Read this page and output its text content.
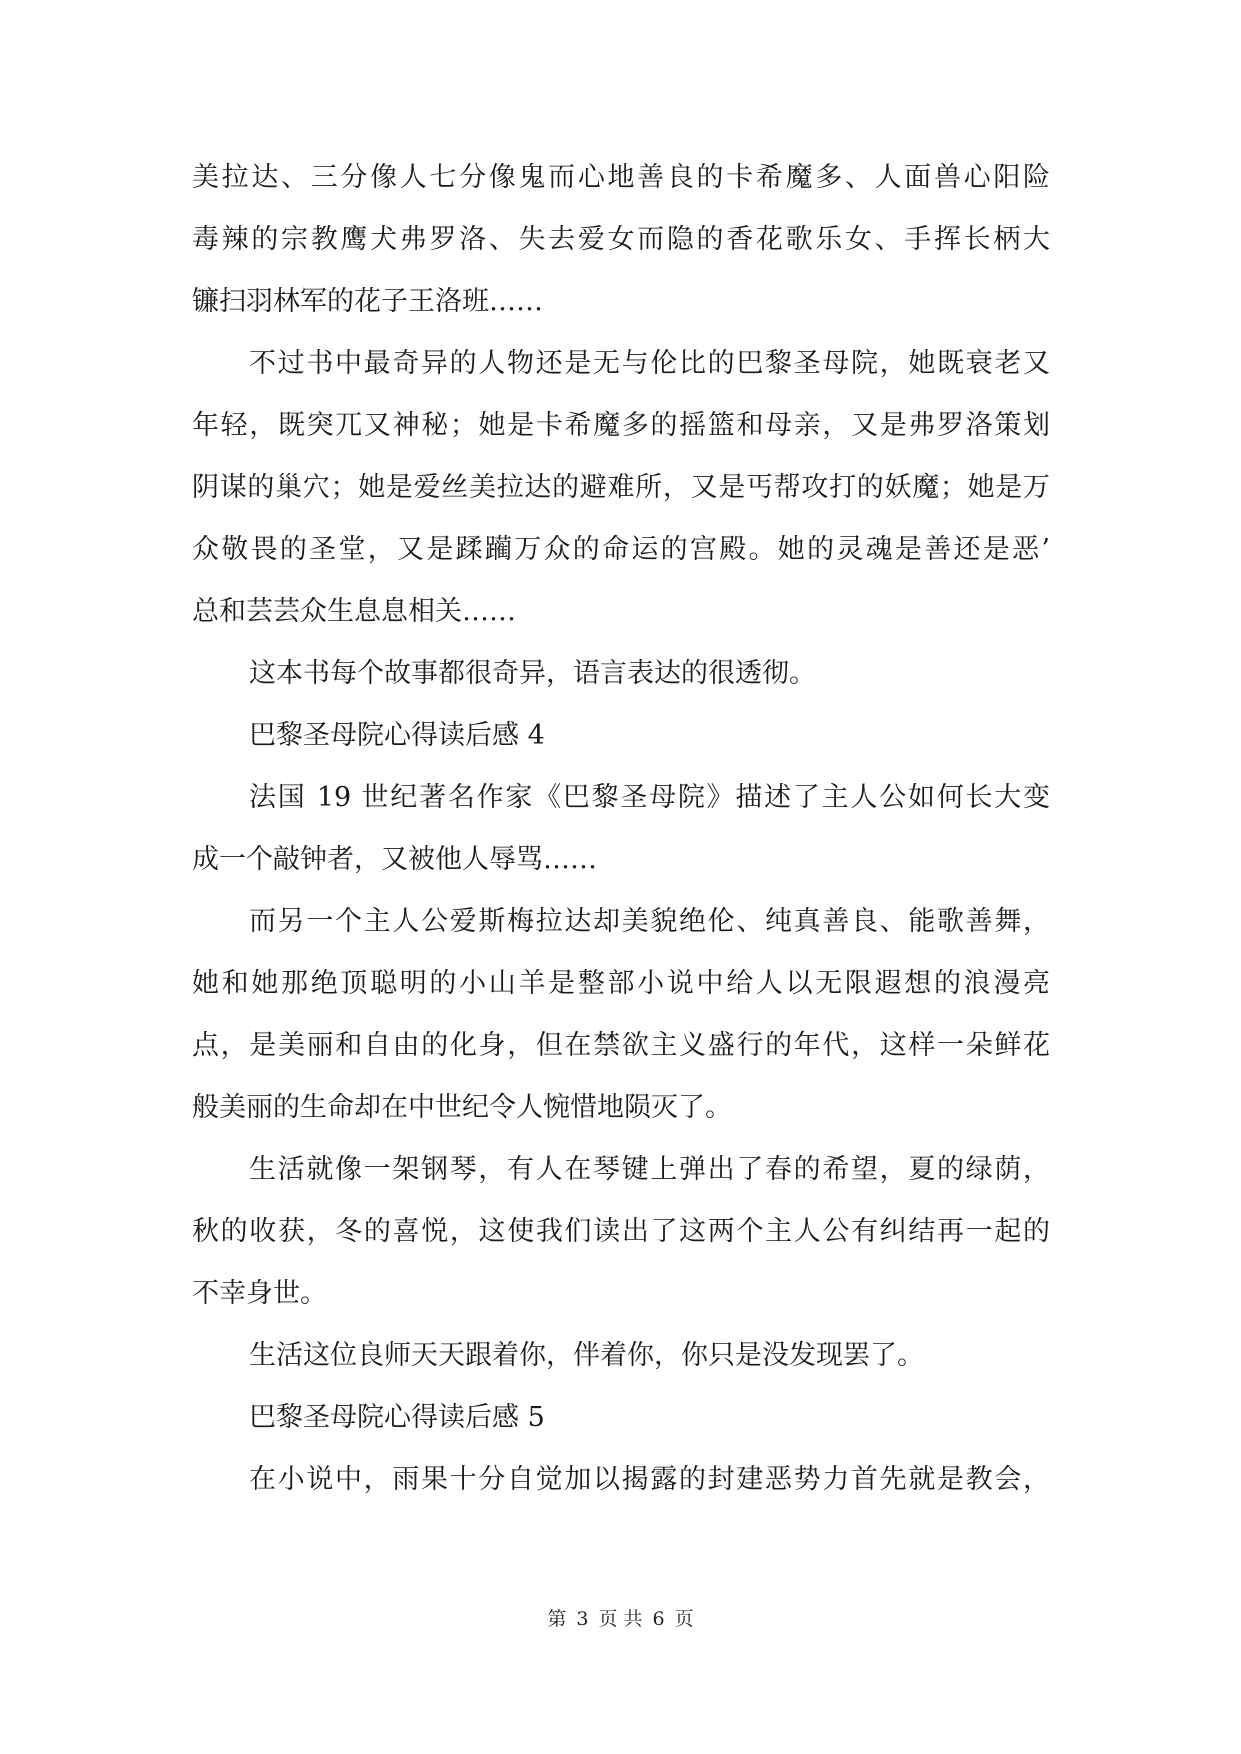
美拉达、三分像人七分像鬼而心地善良的卡希魔多、人面兽心阳险
毒辣的宗教鹰犬弗罗洛、失去爱女而隐的香花歌乐女、手挥长柄大
镰扫羽林军的花子王洛班……
不过书中最奇异的人物还是无与伦比的巴黎圣母院，她既衰老又
年轻，既突兀又神秘；她是卡希魔多的摇篮和母亲，又是弗罗洛策划
阴谋的巢穴；她是爱丝美拉达的避难所，又是丐帮攻打的妖魔；她是万
众敬畏的圣堂，又是蹂躏万众的命运的宫殿。她的灵魂是善还是恶’
总和芸芸众生息息相关……
这本书每个故事都很奇异，语言表达的很透彻。
巴黎圣母院心得读后感 4
法国 19 世纪著名作家《巴黎圣母院》描述了主人公如何长大变
成一个敲钟者，又被他人辱骂……
而另一个主人公爱斯梅拉达却美貌绝伦、纯真善良、能歌善舞，
她和她那绝顶聪明的小山羊是整部小说中给人以无限遐想的浪漫亮
点，是美丽和自由的化身，但在禁欲主义盛行的年代，这样一朵鲜花
般美丽的生命却在中世纪令人惋惜地陨灭了。
生活就像一架钢琴，有人在琴键上弹出了春的希望，夏的绿荫，
秋的收获，冬的喜悦，这使我们读出了这两个主人公有纠结再一起的
不幸身世。
生活这位良师天天跟着你，伴着你，你只是没发现罢了。
巴黎圣母院心得读后感 5
在小说中，雨果十分自觉加以揭露的封建恶势力首先就是教会，
第 3 页 共 6 页
